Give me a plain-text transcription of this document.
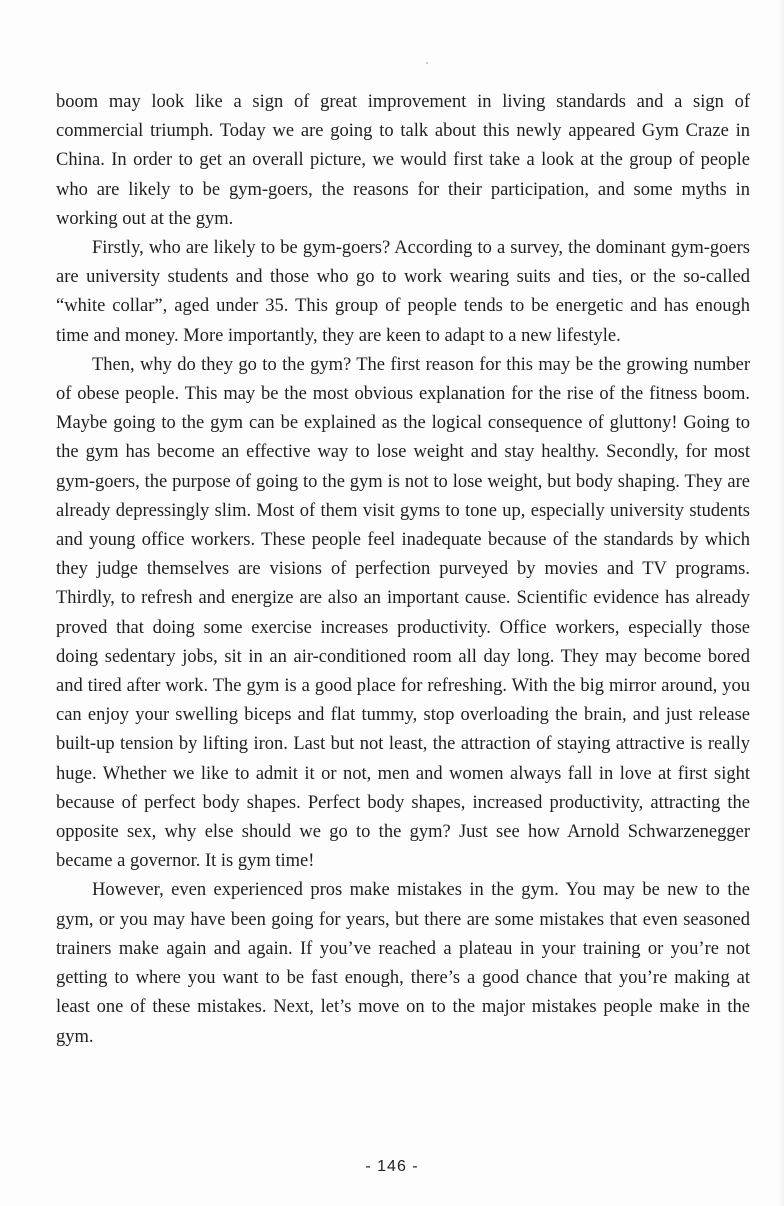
boom may look like a sign of great improvement in living standards and a sign of commercial triumph. Today we are going to talk about this newly appeared Gym Craze in China. In order to get an overall picture, we would first take a look at the group of people who are likely to be gym-goers, the reasons for their participation, and some myths in working out at the gym.

Firstly, who are likely to be gym-goers? According to a survey, the dominant gym-goers are university students and those who go to work wearing suits and ties, or the so-called “white collar”, aged under 35. This group of people tends to be energetic and has enough time and money. More importantly, they are keen to adapt to a new lifestyle.

Then, why do they go to the gym? The first reason for this may be the growing number of obese people. This may be the most obvious explanation for the rise of the fitness boom. Maybe going to the gym can be explained as the logical consequence of gluttony! Going to the gym has become an effective way to lose weight and stay healthy. Secondly, for most gym-goers, the purpose of going to the gym is not to lose weight, but body shaping. They are already depressingly slim. Most of them visit gyms to tone up, especially university students and young office workers. These people feel inadequate because of the standards by which they judge themselves are visions of perfection purveyed by movies and TV programs. Thirdly, to refresh and energize are also an important cause. Scientific evidence has already proved that doing some exercise increases productivity. Office workers, especially those doing sedentary jobs, sit in an air-conditioned room all day long. They may become bored and tired after work. The gym is a good place for refreshing. With the big mirror around, you can enjoy your swelling biceps and flat tummy, stop overloading the brain, and just release built-up tension by lifting iron. Last but not least, the attraction of staying attractive is really huge. Whether we like to admit it or not, men and women always fall in love at first sight because of perfect body shapes. Perfect body shapes, increased productivity, attracting the opposite sex, why else should we go to the gym? Just see how Arnold Schwarzenegger became a governor. It is gym time!

However, even experienced pros make mistakes in the gym. You may be new to the gym, or you may have been going for years, but there are some mistakes that even seasoned trainers make again and again. If you’ve reached a plateau in your training or you’re not getting to where you want to be fast enough, there’s a good chance that you’re making at least one of these mistakes. Next, let’s move on to the major mistakes people make in the gym.

- 146 -
